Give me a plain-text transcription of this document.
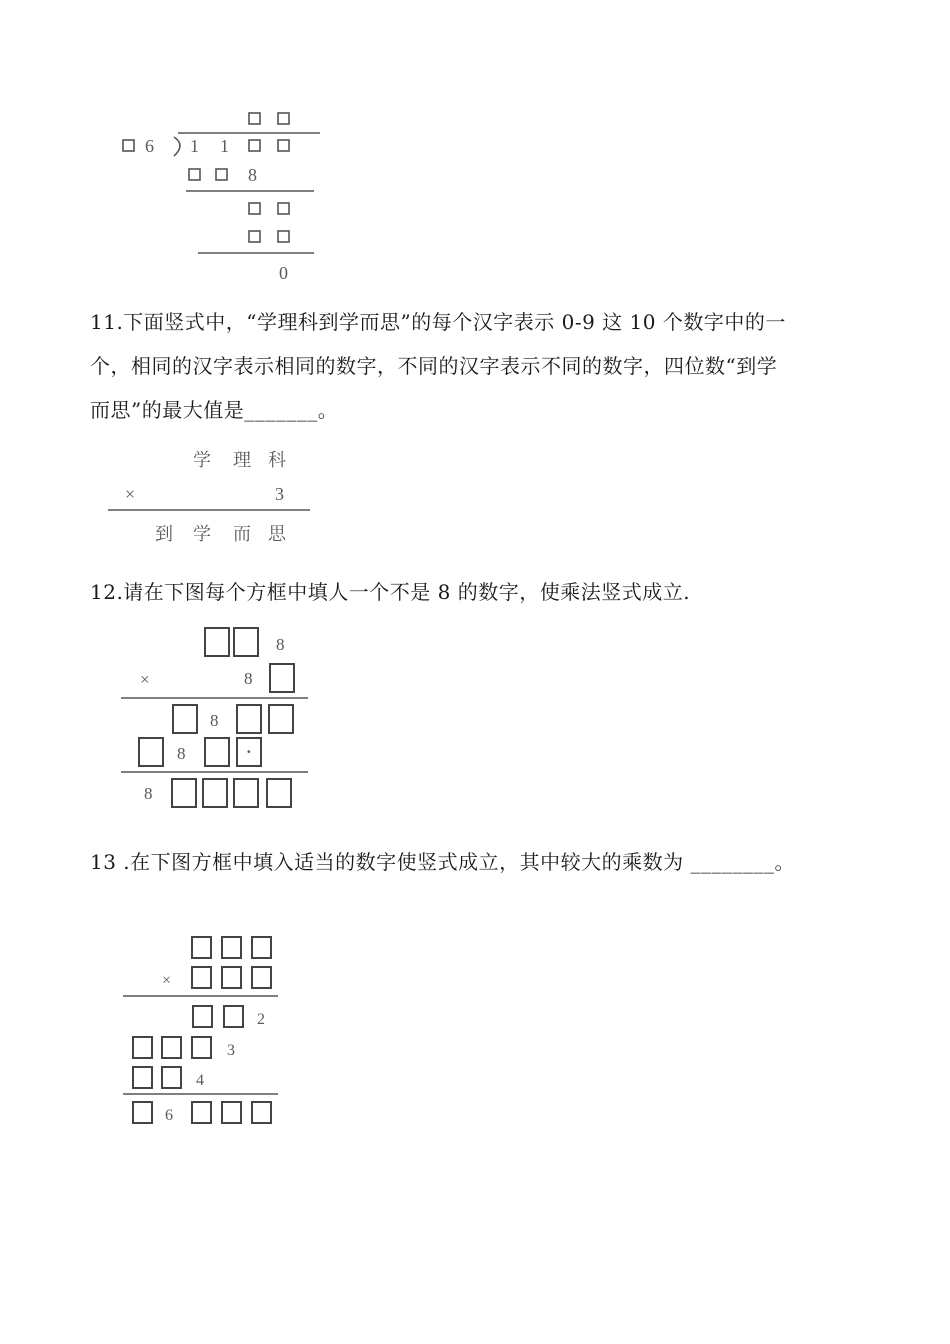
6 1 1
8
0
11.下面竖式中，“学理科到学而思”的每个汉字表示 0-9 这 10 个数字中的一
个，相同的汉字表示相同的数字，不同的汉字表示不同的数字，四位数“到学
而思”的最大值是_______。
学 理 科
×	3
到 学 而 思
12.请在下图每个方框中填人一个不是 8 的数字，使乘法竖式成立.
8
×	8
8
8	·
8
13 .在下图方框中填入适当的数字使竖式成立，其中较大的乘数为 ________。
×
2
3
4
6
